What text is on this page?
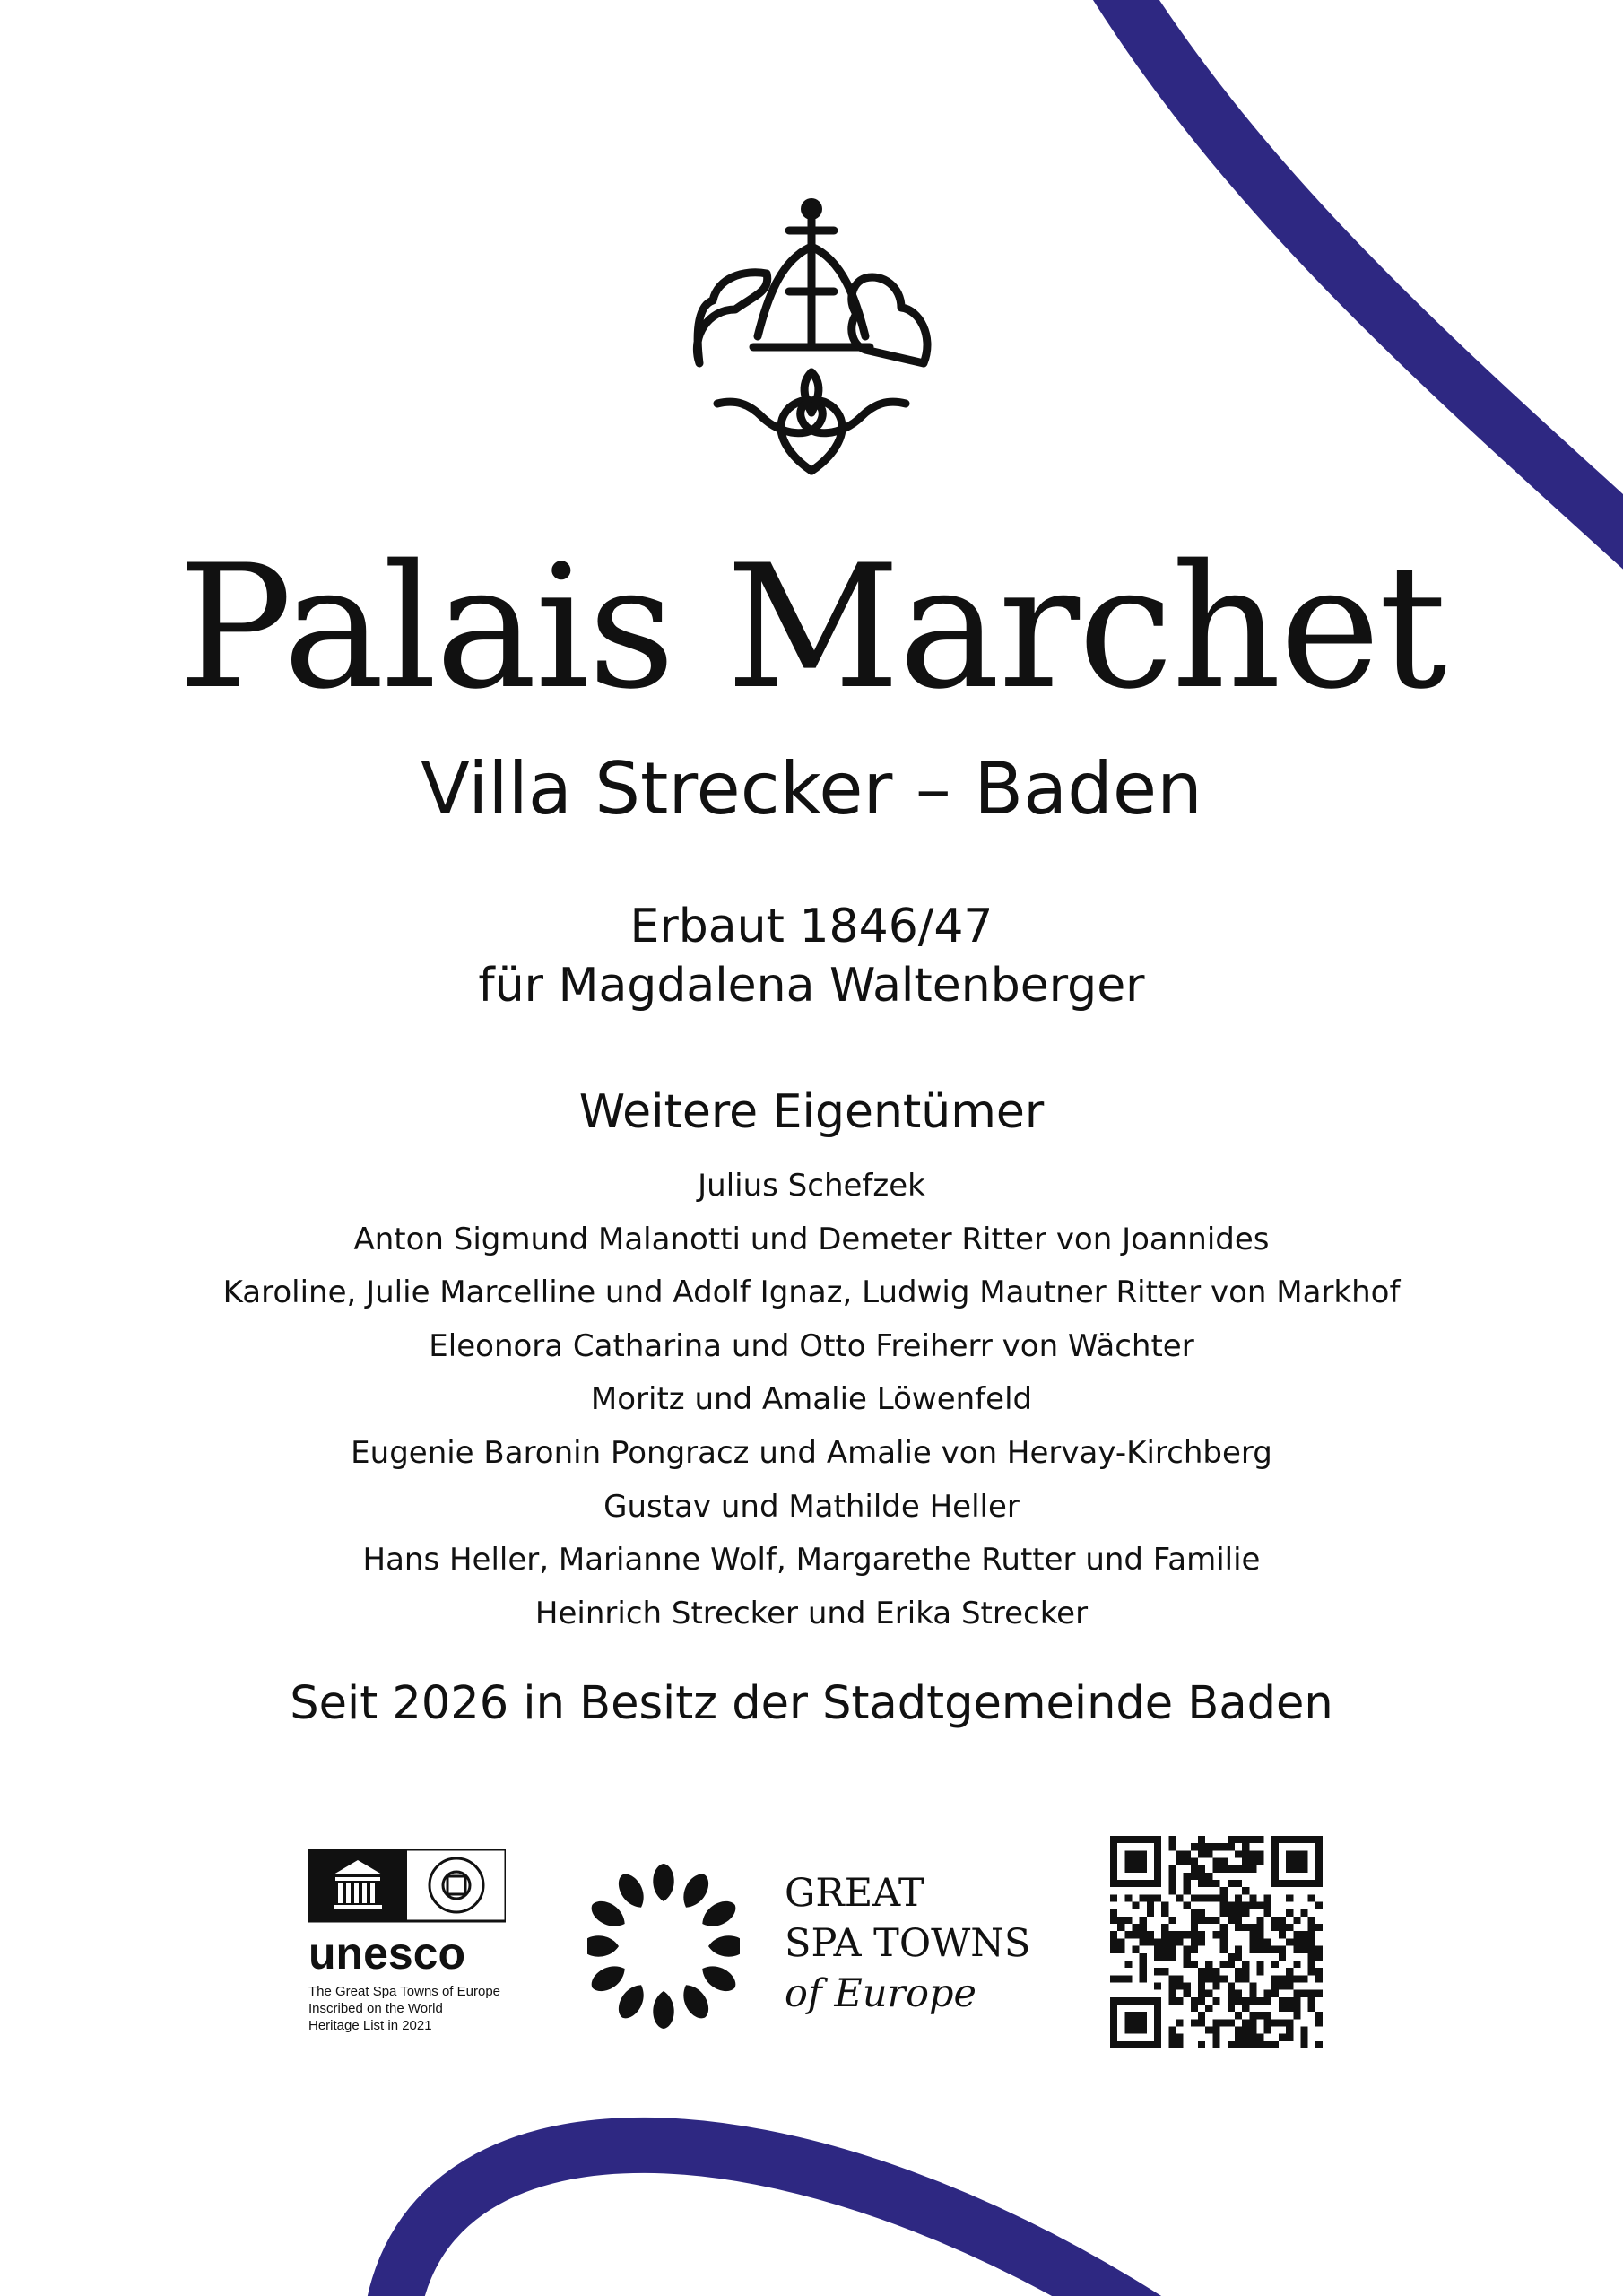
Palais Marchet
Villa Strecker – Baden
Erbaut 1846/47
für Magdalena Waltenberger
Weitere Eigentümer
Julius Schefzek
Anton Sigmund Malanotti und Demeter Ritter von Joannides
Karoline, Julie Marcelline und Adolf Ignaz, Ludwig Mautner Ritter von Markhof
Eleonora Catharina und Otto Freiherr von Wächter
Moritz und Amalie Löwenfeld
Eugenie Baronin Pongracz und Amalie von Hervay-Kirchberg
Gustav und Mathilde Heller
Hans Heller, Marianne Wolf, Margarethe Rutter und Familie
Heinrich Strecker und Erika Strecker
Seit 2026 in Besitz der Stadtgemeinde Baden
unesco
The Great Spa Towns of Europe
Inscribed on the World
Heritage List in 2021
GREAT
SPA TOWNS
of Europe
